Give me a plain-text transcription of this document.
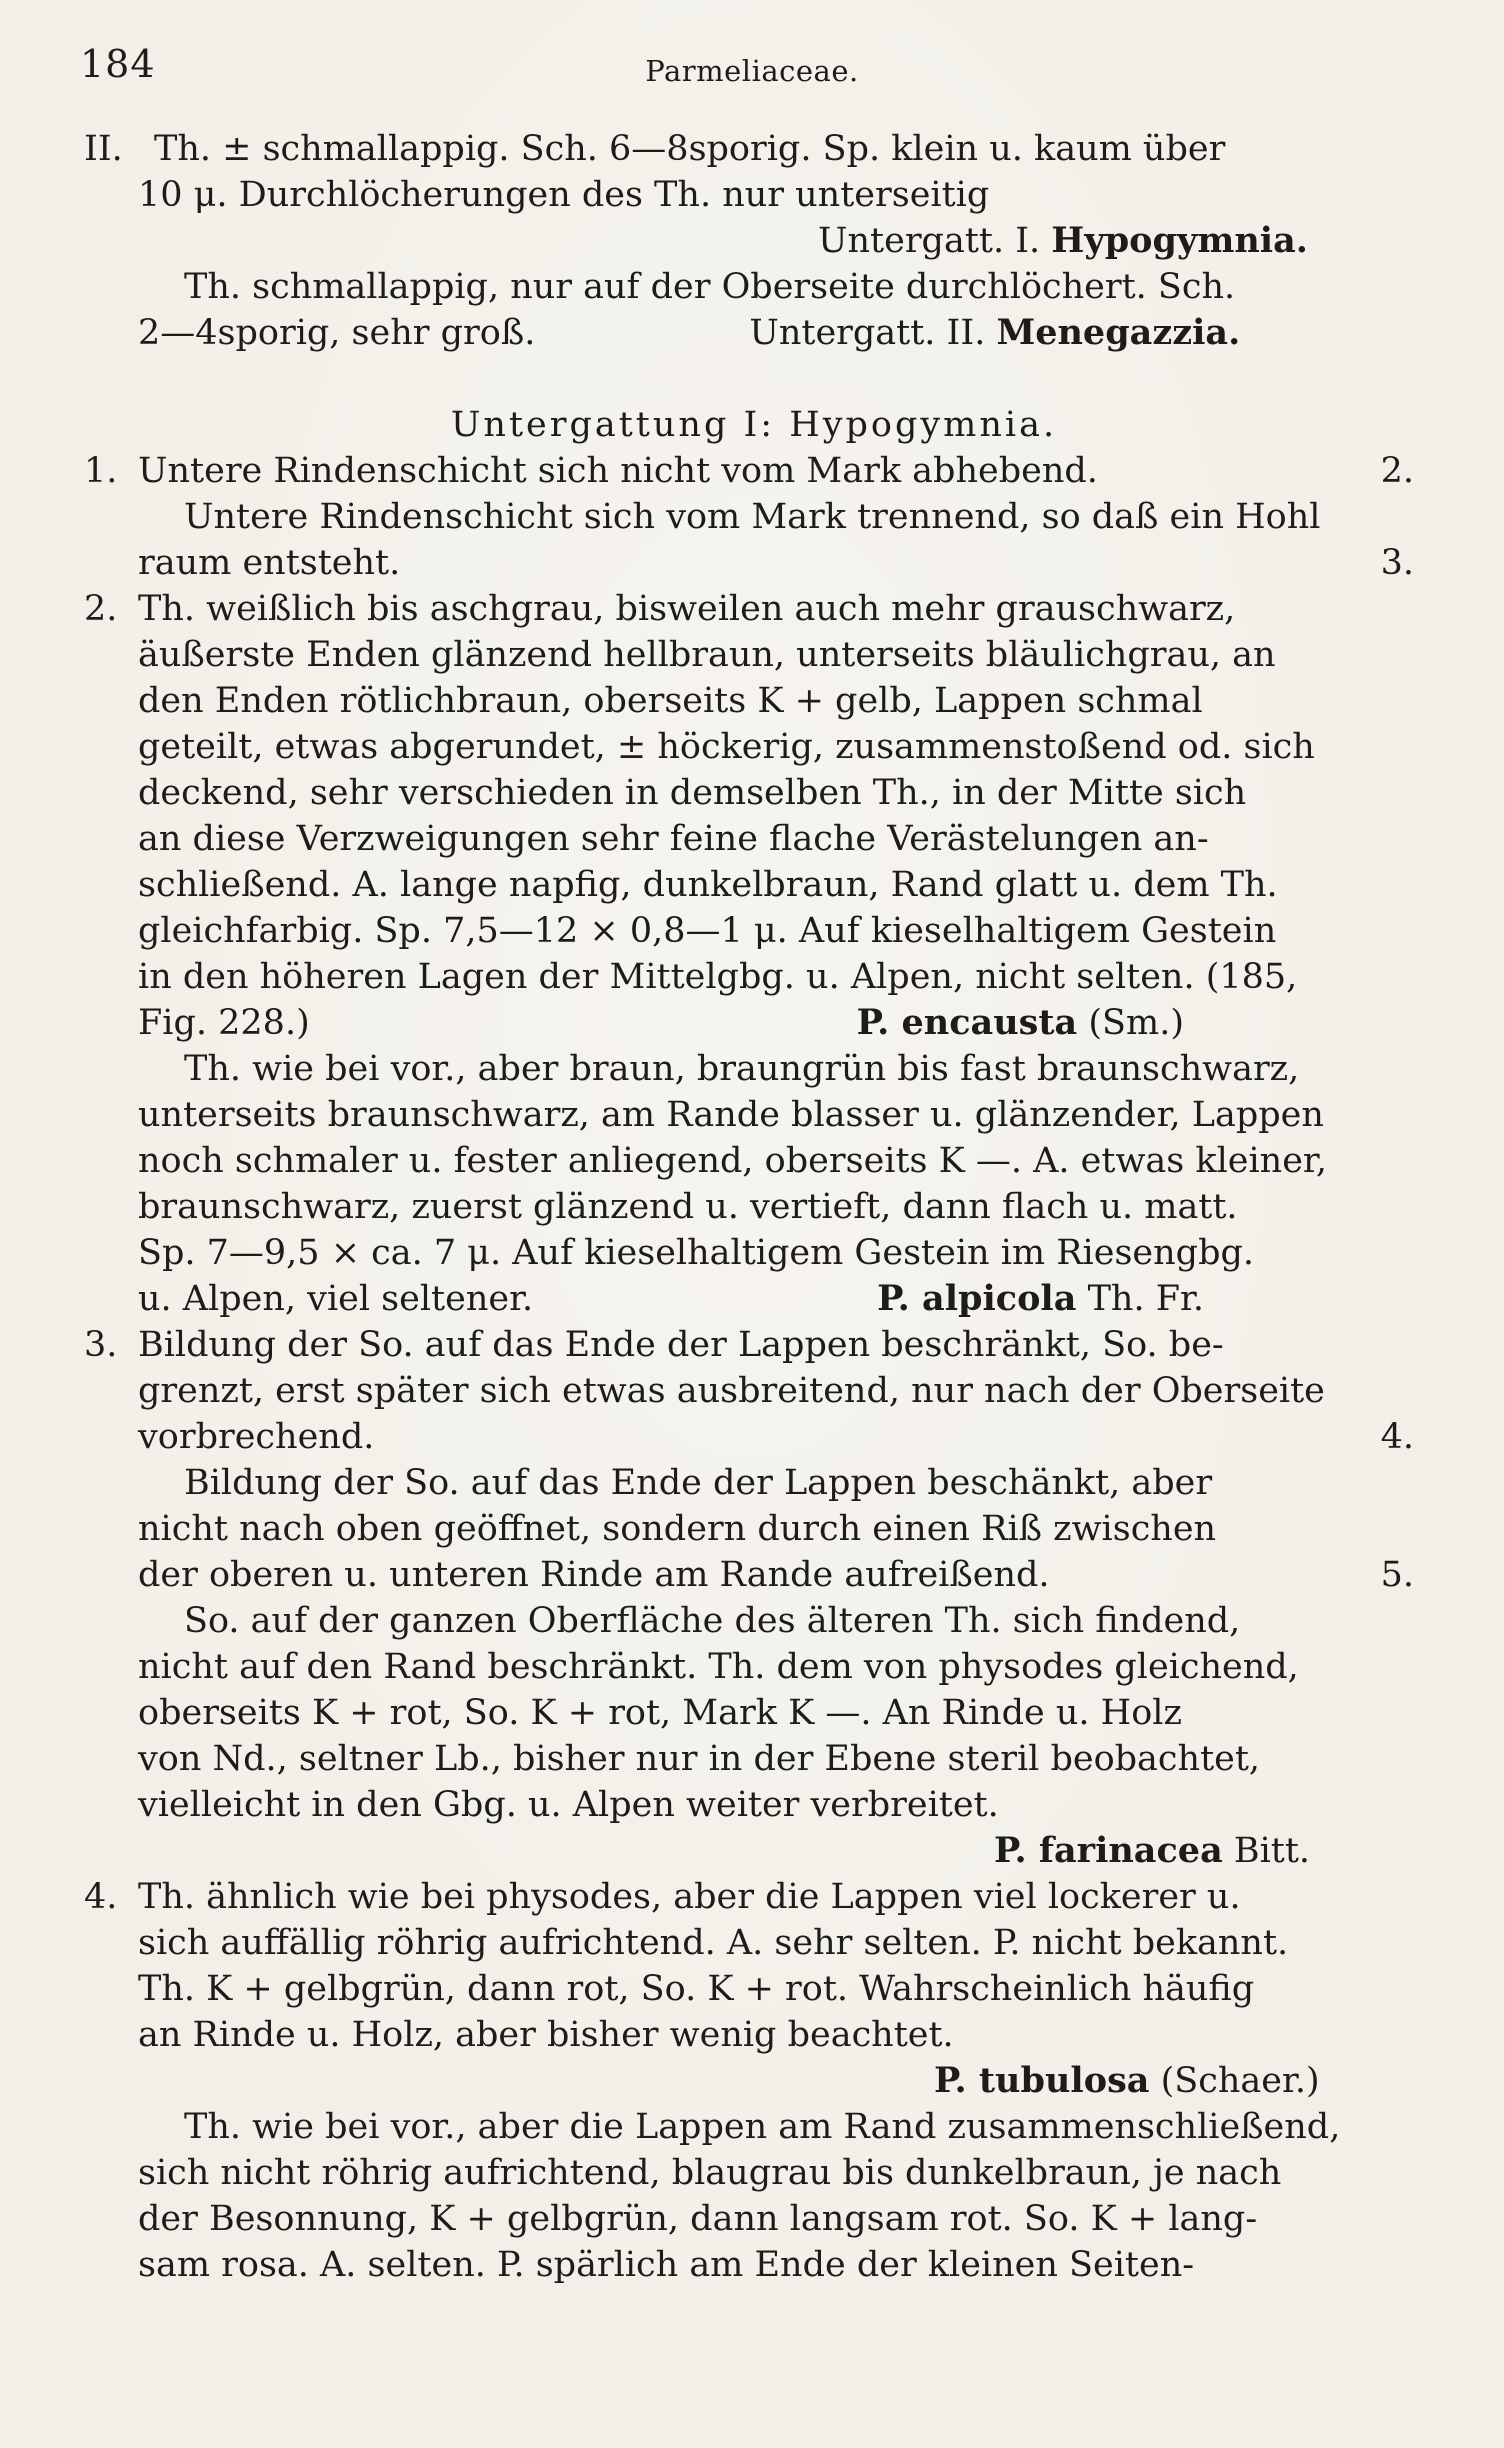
184	Parmeliaceae.
II. Th. ± schmallappig. Sch. 6—8sporig. Sp. klein u. kaum über
10 μ. Durchlöcherungen des Th. nur unterseitig
Untergatt. I. Hypogymnia.
Th. schmallappig, nur auf der Oberseite durchlöchert. Sch.
2—4sporig, sehr groß.	Untergatt. II. Menegazzia.
Untergattung I: Hypogymnia.
1. Untere Rindenschicht sich nicht vom Mark abhebend.	2.
Untere Rindenschicht sich vom Mark trennend, so daß ein Hohl
raum entsteht.	3.
2. Th. weißlich bis aschgrau, bisweilen auch mehr grauschwarz,
äußerste Enden glänzend hellbraun, unterseits bläulichgrau, an
den Enden rötlichbraun, oberseits K + gelb, Lappen schmal
geteilt, etwas abgerundet, ± höckerig, zusammenstoßend od. sich
deckend, sehr verschieden in demselben Th., in der Mitte sich
an diese Verzweigungen sehr feine flache Verästelungen an-
schließend. A. lange napfig, dunkelbraun, Rand glatt u. dem Th.
gleichfarbig. Sp. 7,5—12 × 0,8—1 μ. Auf kieselhaltigem Gestein
in den höheren Lagen der Mittelgbg. u. Alpen, nicht selten. (185,
Fig. 228.)	P. encausta (Sm.)
Th. wie bei vor., aber braun, braungrün bis fast braunschwarz,
unterseits braunschwarz, am Rande blasser u. glänzender, Lappen
noch schmaler u. fester anliegend, oberseits K —. A. etwas kleiner,
braunschwarz, zuerst glänzend u. vertieft, dann flach u. matt.
Sp. 7—9,5 × ca. 7 μ. Auf kieselhaltigem Gestein im Riesengbg.
u. Alpen, viel seltener.	P. alpicola Th. Fr.
3. Bildung der So. auf das Ende der Lappen beschränkt, So. be-
grenzt, erst später sich etwas ausbreitend, nur nach der Oberseite
vorbrechend.	4.
Bildung der So. auf das Ende der Lappen beschänkt, aber
nicht nach oben geöffnet, sondern durch einen Riß zwischen
der oberen u. unteren Rinde am Rande aufreißend.	5.
So. auf der ganzen Oberfläche des älteren Th. sich findend,
nicht auf den Rand beschränkt. Th. dem von physodes gleichend,
oberseits K + rot, So. K + rot, Mark K —. An Rinde u. Holz
von Nd., seltner Lb., bisher nur in der Ebene steril beobachtet,
vielleicht in den Gbg. u. Alpen weiter verbreitet.
P. farinacea Bitt.
4. Th. ähnlich wie bei physodes, aber die Lappen viel lockerer u.
sich auffällig röhrig aufrichtend. A. sehr selten. P. nicht bekannt.
Th. K + gelbgrün, dann rot, So. K + rot. Wahrscheinlich häufig
an Rinde u. Holz, aber bisher wenig beachtet.
P. tubulosa (Schaer.)
Th. wie bei vor., aber die Lappen am Rand zusammenschließend,
sich nicht röhrig aufrichtend, blaugrau bis dunkelbraun, je nach
der Besonnung, K + gelbgrün, dann langsam rot. So. K + lang-
sam rosa. A. selten. P. spärlich am Ende der kleinen Seiten-
